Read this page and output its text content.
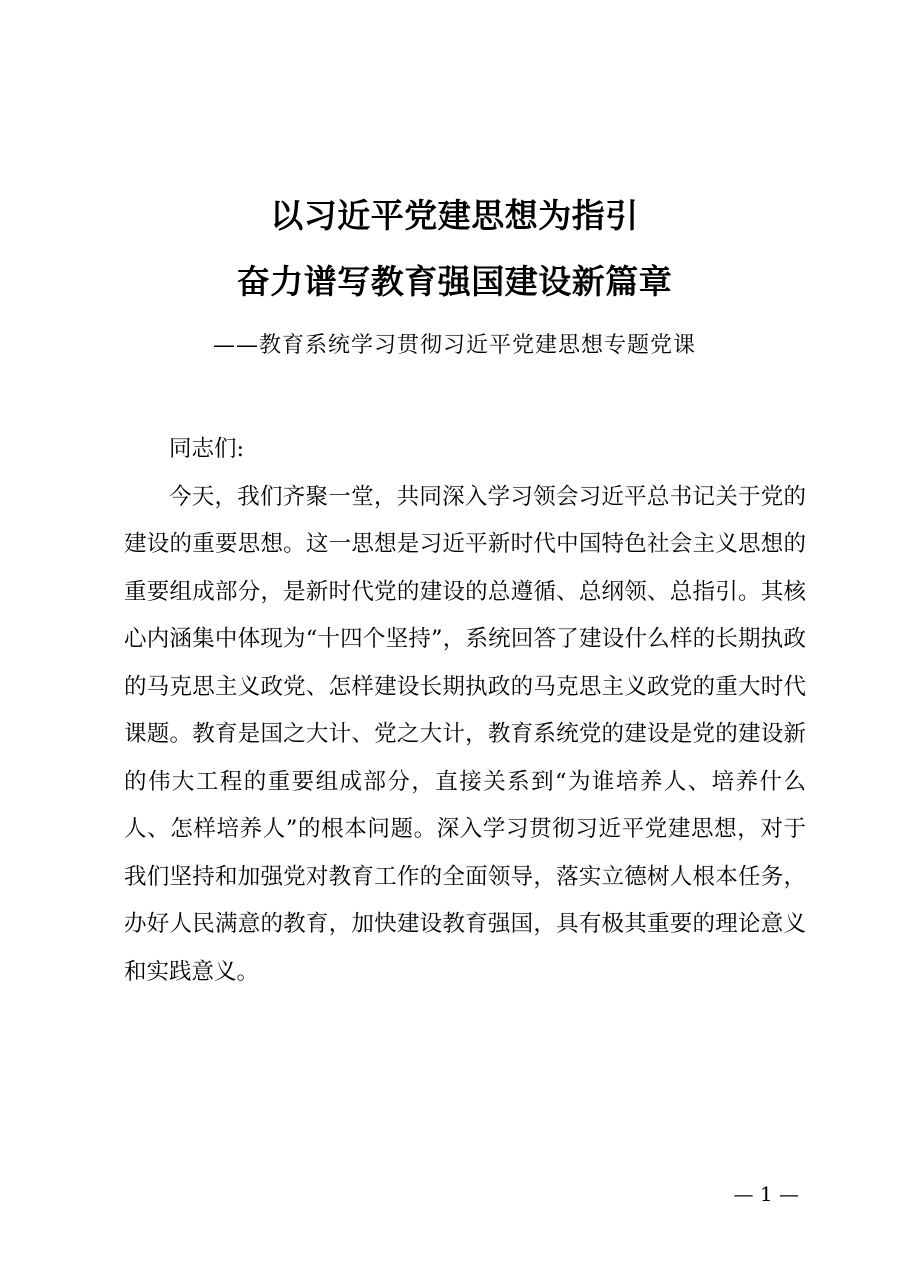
以习近平党建思想为指引
奋力谱写教育强国建设新篇章
——教育系统学习贯彻习近平党建思想专题党课

同志们:

今天，我们齐聚一堂，共同深入学习领会习近平总书记关于党的建设的重要思想。这一思想是习近平新时代中国特色社会主义思想的重要组成部分，是新时代党的建设的总遵循、总纲领、总指引。其核心内涵集中体现为“十四个坚持”，系统回答了建设什么样的长期执政的马克思主义政党、怎样建设长期执政的马克思主义政党的重大时代课题。教育是国之大计、党之大计，教育系统党的建设是党的建设新的伟大工程的重要组成部分，直接关系到“为谁培养人、培养什么人、怎样培养人”的根本问题。深入学习贯彻习近平党建思想，对于我们坚持和加强党对教育工作的全面领导，落实立德树人根本任务，办好人民满意的教育，加快建设教育强国，具有极其重要的理论意义和实践意义。

— 1 —
